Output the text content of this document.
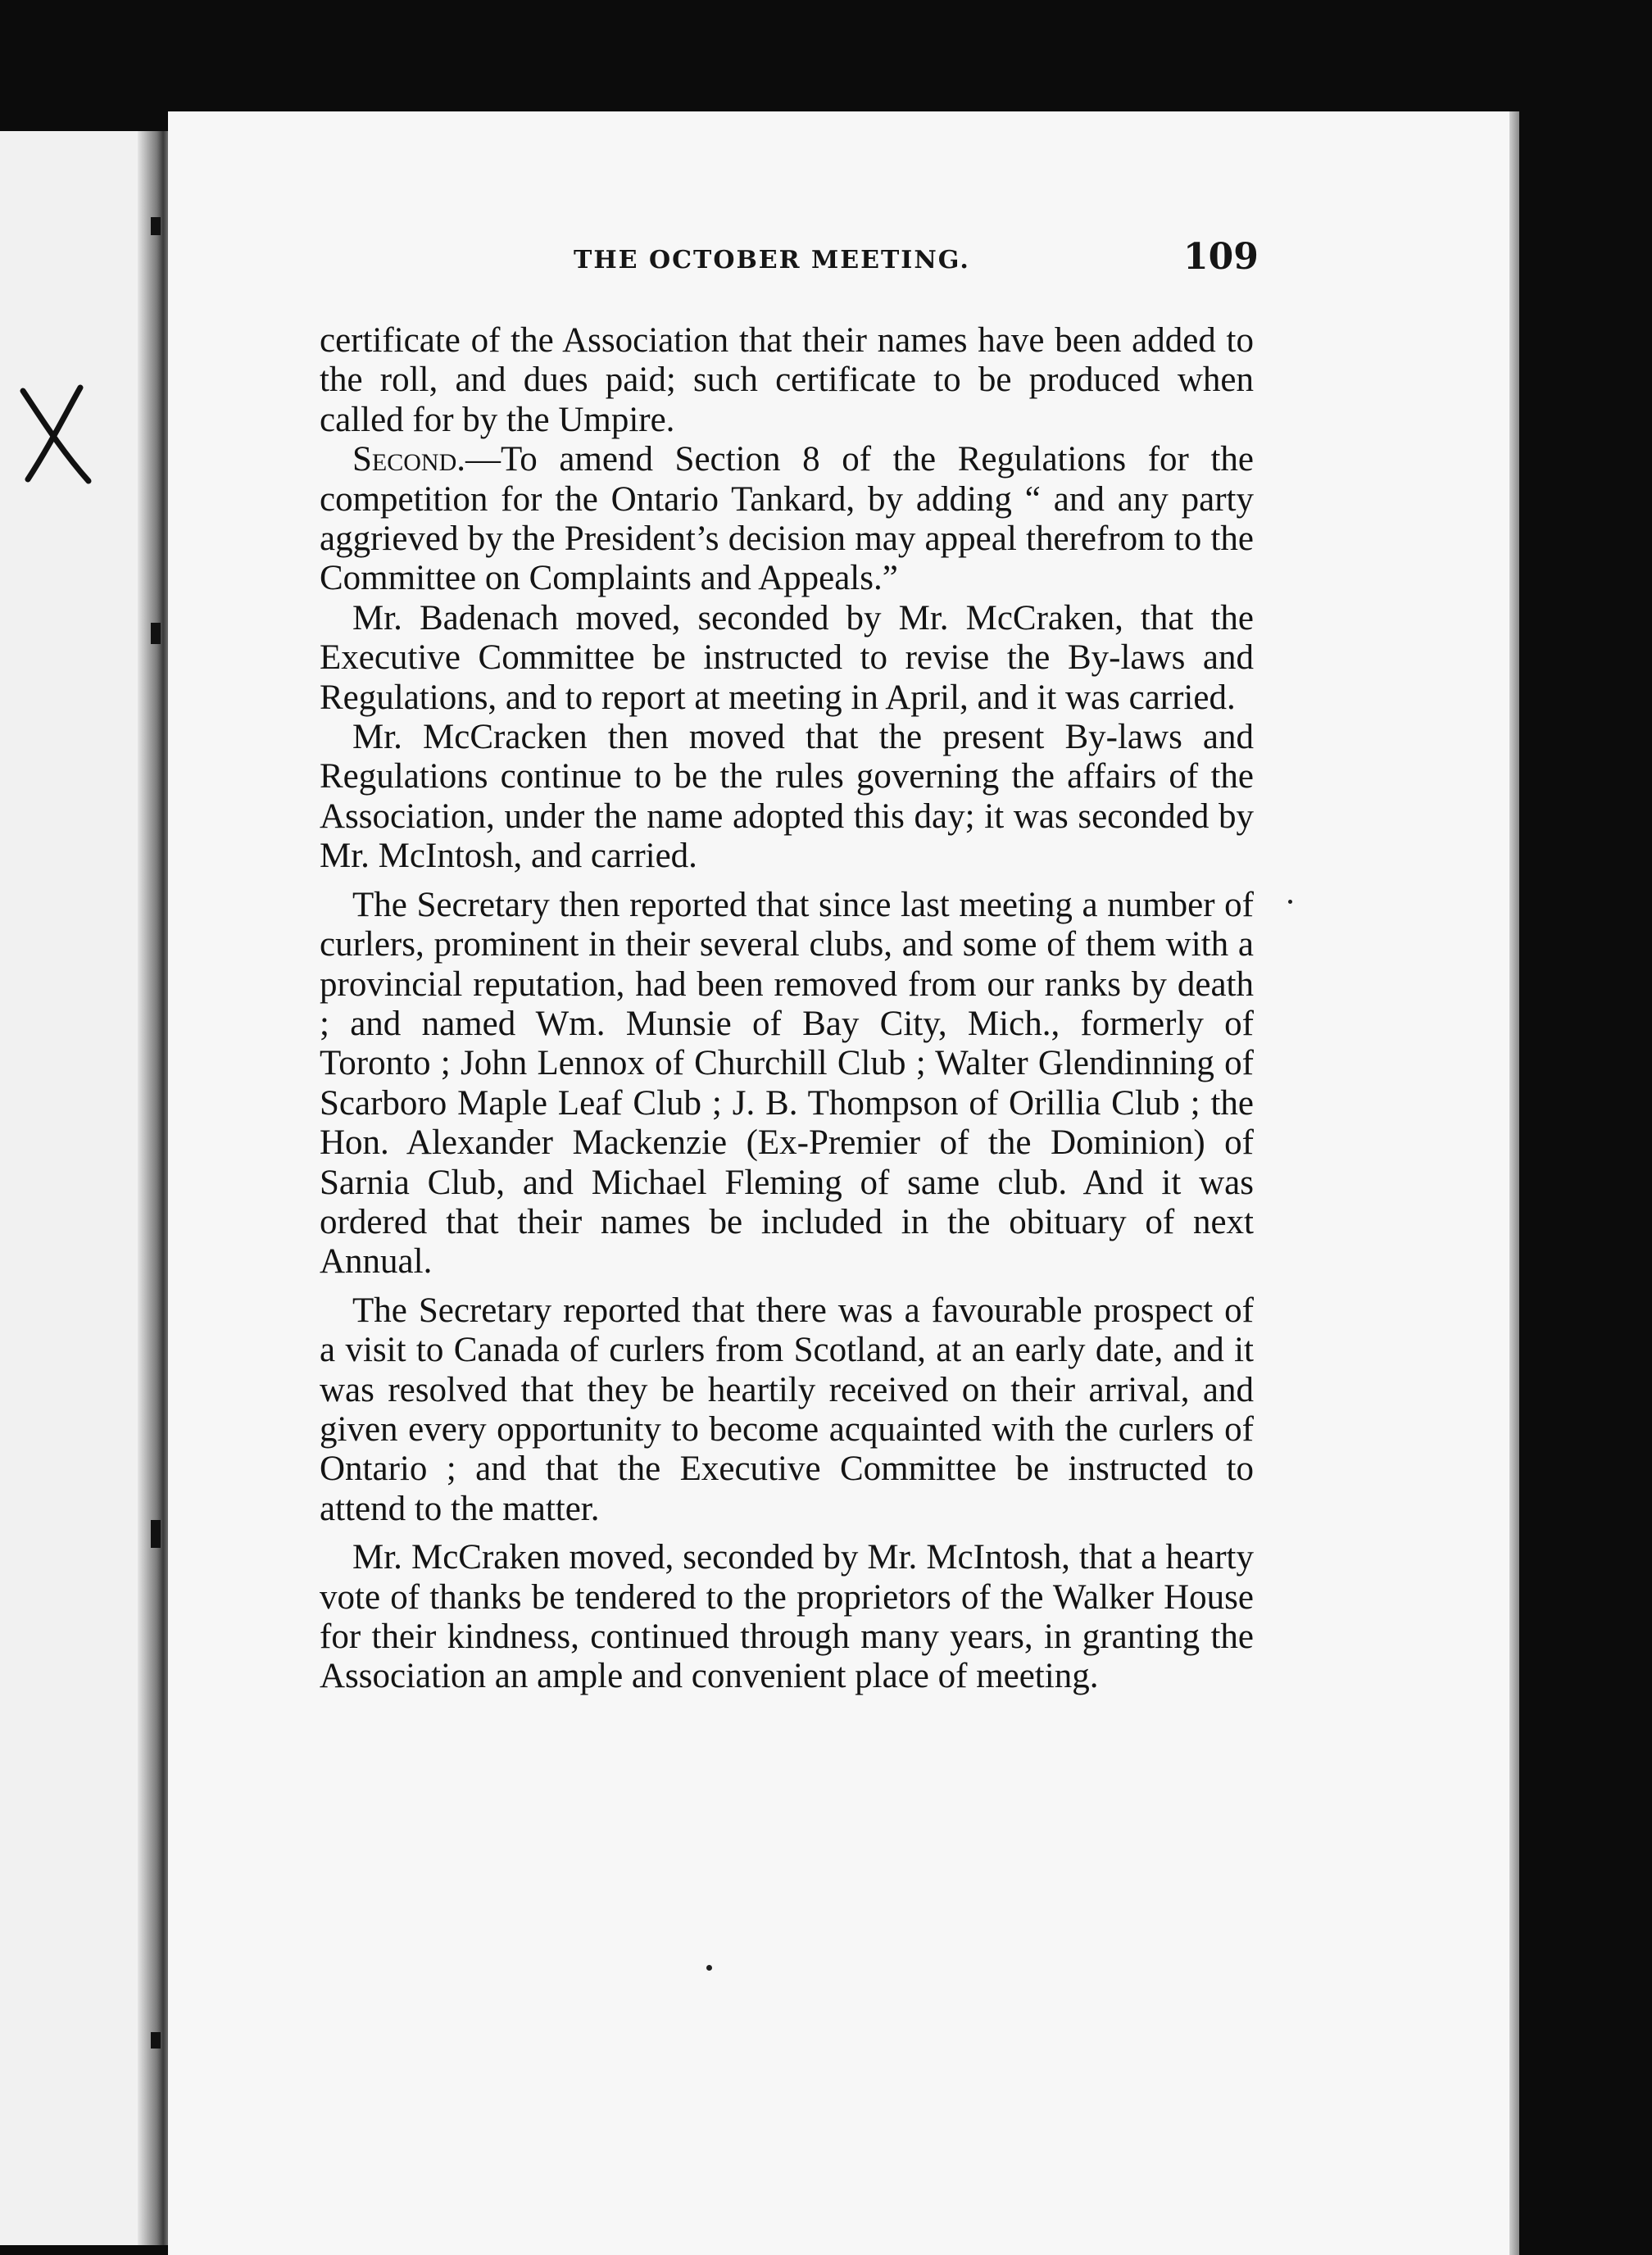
THE OCTOBER MEETING.	109

certificate of the Association that their names have been added to the roll, and dues paid; such certificate to be produced when called for by the Umpire.

Second.—To amend Section 8 of the Regulations for the competition for the Ontario Tankard, by adding “ and any party aggrieved by the President’s decision may appeal therefrom to the Committee on Complaints and Appeals.”

Mr. Badenach moved, seconded by Mr. McCraken, that the Executive Committee be instructed to revise the By-laws and Regulations, and to report at meeting in April, and it was carried.

Mr. McCracken then moved that the present By-laws and Regulations continue to be the rules governing the affairs of the Association, under the name adopted this day; it was seconded by Mr. McIntosh, and carried.

The Secretary then reported that since last meeting a number of curlers, prominent in their several clubs, and some of them with a provincial reputation, had been removed from our ranks by death ; and named Wm. Munsie of Bay City, Mich., formerly of Toronto ; John Lennox of Churchill Club ; Walter Glendinning of Scarboro Maple Leaf Club ; J. B. Thompson of Orillia Club ; the Hon. Alexander Mackenzie (Ex-Premier of the Dominion) of Sarnia Club, and Michael Fleming of same club. And it was ordered that their names be included in the obituary of next Annual.

The Secretary reported that there was a favourable prospect of a visit to Canada of curlers from Scotland, at an early date, and it was resolved that they be heartily received on their arrival, and given every opportunity to become acquainted with the curlers of Ontario ; and that the Executive Committee be instructed to attend to the matter.

Mr. McCraken moved, seconded by Mr. McIntosh, that a hearty vote of thanks be tendered to the proprietors of the Walker House for their kindness, continued through many years, in granting the Association an ample and convenient place of meeting.
